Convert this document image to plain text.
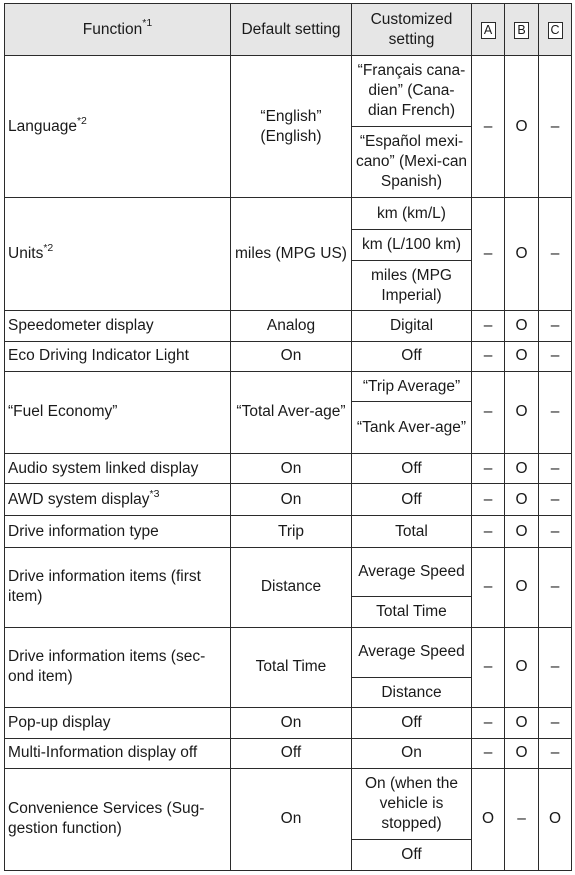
Function$^{*1}$	Default setting	Customized setting	A	B	C
Language$^{*2}$	“English” (English)	“Français cana-dien” (Cana-dian French)	–	O	–
		“Español mexi-cano” (Mexi-can Spanish)			
Units$^{*2}$	miles (MPG US)	km (km/L)	–	O	–
		km (L/100 km)			
		miles (MPG Imperial)			
Speedometer display	Analog	Digital	–	O	–
Eco Driving Indicator Light	On	Off	–	O	–
“Fuel Economy”	“Total Aver-age”	“Trip Average”	–	O	–
		“Tank Aver-age”			
Audio system linked display	On	Off	–	O	–
AWD system display$^{*3}$	On	Off	–	O	–
Drive information type	Trip	Total	–	O	–
Drive information items (first item)	Distance	Average Speed	–	O	–
		Total Time			
Drive information items (sec-ond item)	Total Time	Average Speed	–	O	–
		Distance			
Pop-up display	On	Off	–	O	–
Multi-Information display off	Off	On	–	O	–
Convenience Services (Sug-gestion function)	On	On (when the vehicle is stopped)	O	–	O
		Off			
